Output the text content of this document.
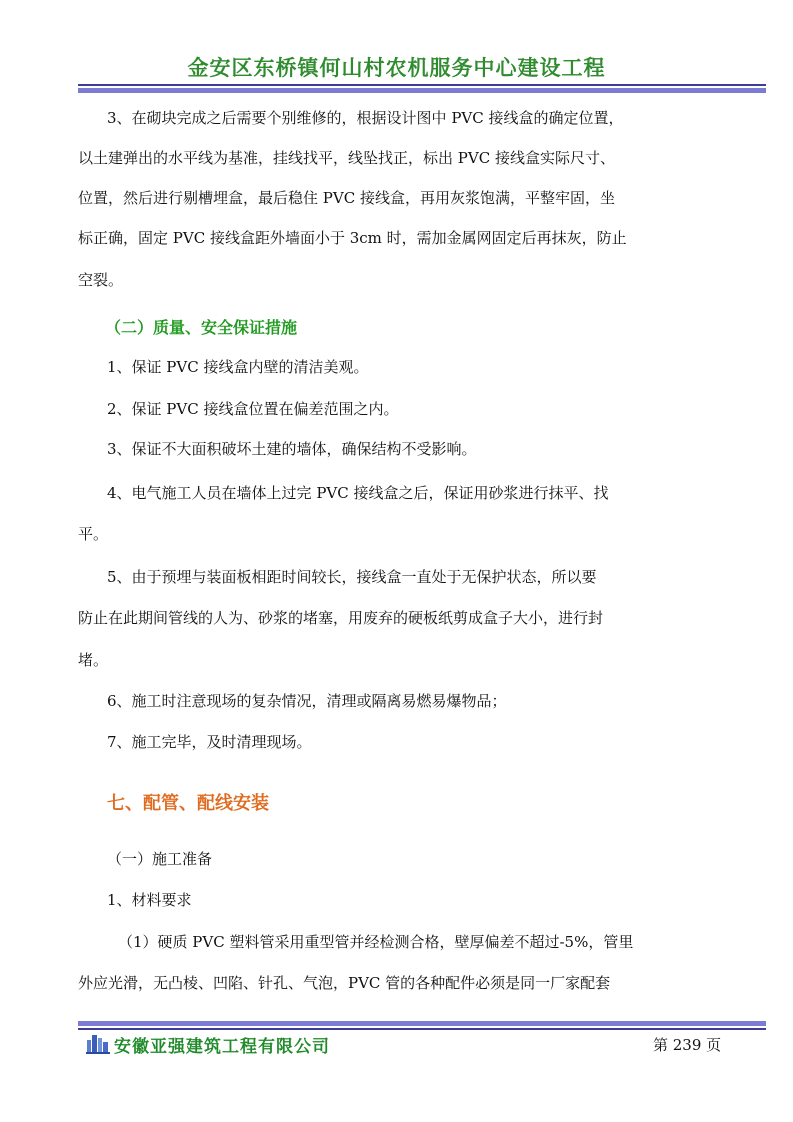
金安区东桥镇何山村农机服务中心建设工程
3、在砌块完成之后需要个别维修的，根据设计图中 PVC 接线盒的确定位置，
以土建弹出的水平线为基准，挂线找平，线坠找正，标出 PVC 接线盒实际尺寸、
位置，然后进行剔槽埋盒，最后稳住 PVC 接线盒，再用灰浆饱满，平整牢固，坐
标正确，固定 PVC 接线盒距外墙面小于 3cm 时，需加金属网固定后再抹灰，防止
空裂。
（二）质量、安全保证措施
1、保证 PVC 接线盒内壁的清洁美观。
2、保证 PVC 接线盒位置在偏差范围之内。
3、保证不大面积破坏土建的墙体，确保结构不受影响。
4、电气施工人员在墙体上过完 PVC 接线盒之后，保证用砂浆进行抹平、找
平。
5、由于预埋与装面板相距时间较长，接线盒一直处于无保护状态，所以要
防止在此期间管线的人为、砂浆的堵塞，用废弃的硬板纸剪成盒子大小，进行封
堵。
6、施工时注意现场的复杂情况，清理或隔离易燃易爆物品；
7、施工完毕，及时清理现场。
七、配管、配线安装
（一）施工准备
1、材料要求
（1）硬质 PVC 塑料管采用重型管并经检测合格，壁厚偏差不超过-5%，管里
外应光滑，无凸棱、凹陷、针孔、气泡，PVC 管的各种配件必须是同一厂家配套
安徽亚强建筑工程有限公司	第 239 页
